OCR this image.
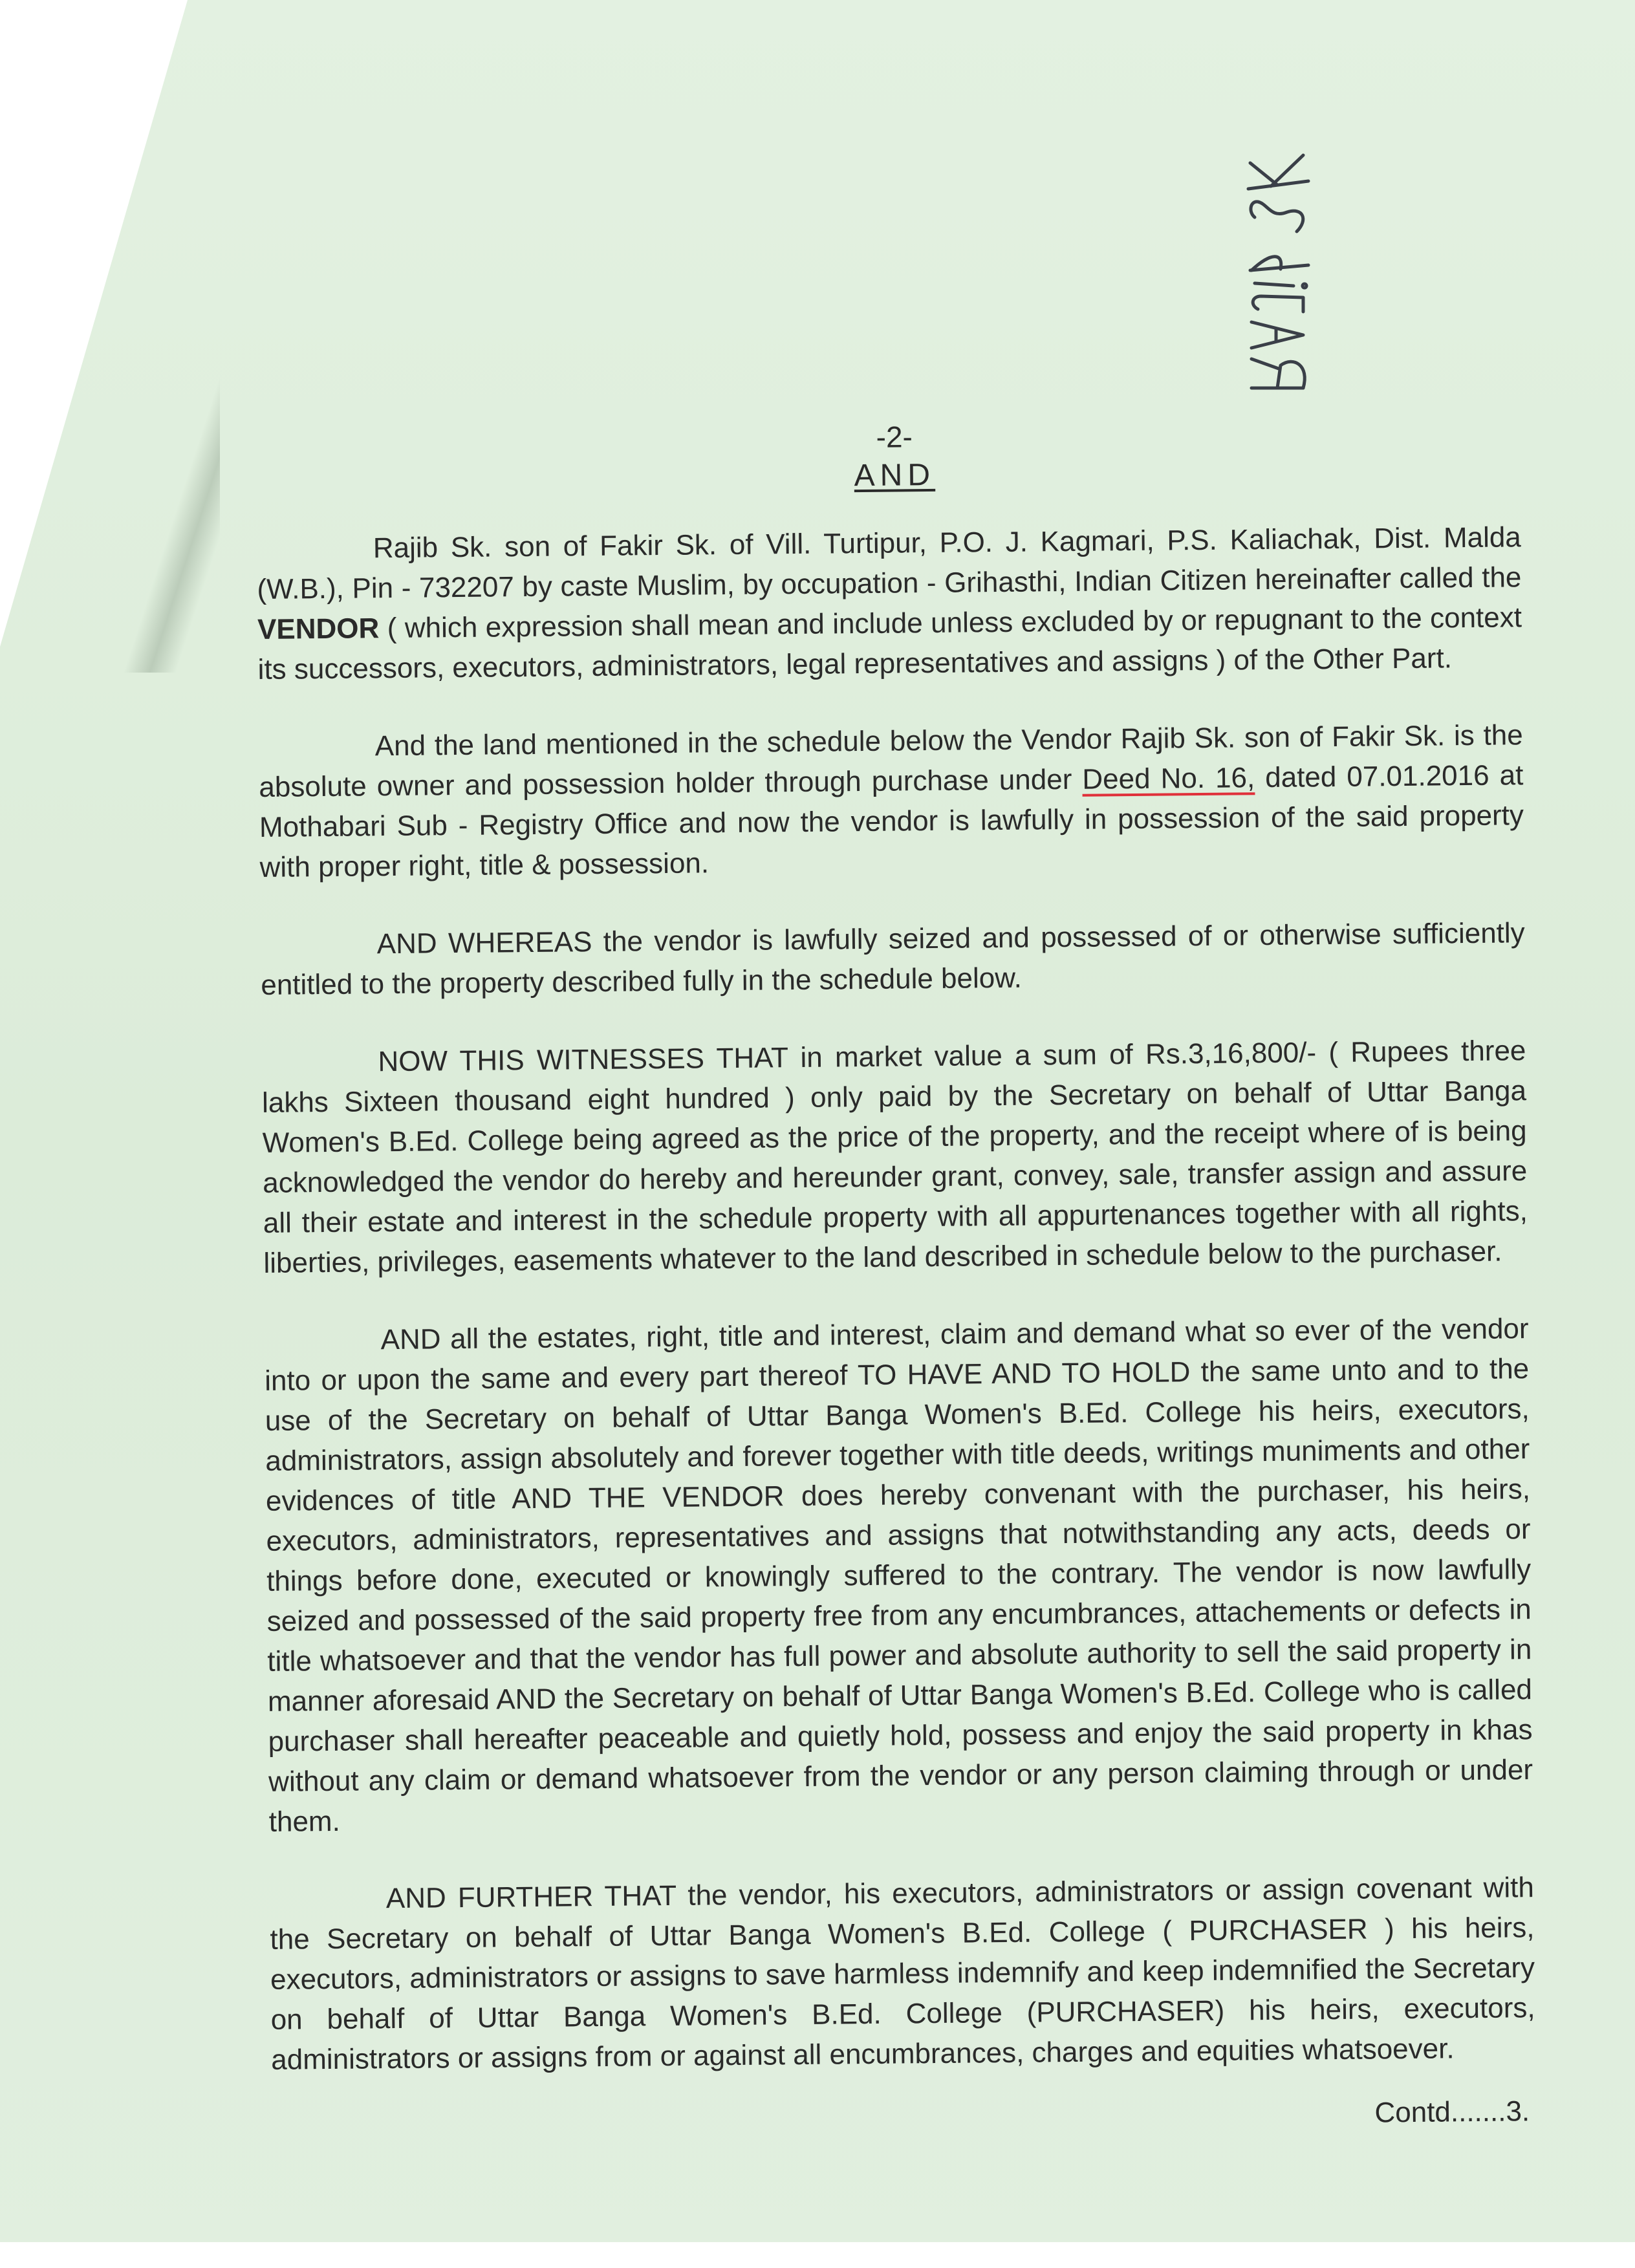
-2-

AND

Rajib Sk. son of Fakir Sk. of Vill. Turtipur, P.O. J. Kagmari, P.S. Kaliachak, Dist. Malda (W.B.), Pin - 732207 by caste Muslim, by occupation - Grihasthi, Indian Citizen hereinafter called the VENDOR ( which expression shall mean and include unless excluded by or repugnant to the context its successors, executors, administrators, legal representatives and assigns ) of the Other Part.

And the land mentioned in the schedule below the Vendor Rajib Sk. son of Fakir Sk. is the absolute owner and possession holder through purchase under Deed No. 16, dated 07.01.2016 at Mothabari Sub - Registry Office and now the vendor is lawfully in possession of the said property with proper right, title & possession.

AND WHEREAS the vendor is lawfully seized and possessed of or otherwise sufficiently entitled to the property described fully in the schedule below.

NOW THIS WITNESSES THAT in market value a sum of Rs.3,16,800/- ( Rupees three lakhs Sixteen thousand eight hundred ) only paid by the Secretary on behalf of Uttar Banga Women's B.Ed. College being agreed as the price of the property, and the receipt where of is being acknowledged the vendor do hereby and hereunder grant, convey, sale, transfer assign and assure all their estate and interest in the schedule property with all appurtenances together with all rights, liberties, privileges, easements whatever to the land described in schedule below to the purchaser.

AND all the estates, right, title and interest, claim and demand what so ever of the vendor into or upon the same and every part thereof TO HAVE AND TO HOLD the same unto and to the use of the Secretary on behalf of Uttar Banga Women's B.Ed. College his heirs, executors, administrators, assign absolutely and forever together with title deeds, writings muniments and other evidences of title AND THE VENDOR does hereby convenant with the purchaser, his heirs, executors, administrators, representatives and assigns that notwithstanding any acts, deeds or things before done, executed or knowingly suffered to the contrary. The vendor is now lawfully seized and possessed of the said property free from any encumbrances, attachements or defects in title whatsoever and that the vendor has full power and absolute authority to sell the said property in manner aforesaid AND the Secretary on behalf of Uttar Banga Women's B.Ed. College who is called purchaser shall hereafter peaceable and quietly hold, possess and enjoy the said property in khas without any claim or demand whatsoever from the vendor or any person claiming through or under them.

AND FURTHER THAT the vendor, his executors, administrators or assign covenant with the Secretary on behalf of Uttar Banga Women's B.Ed. College ( PURCHASER ) his heirs, executors, administrators or assigns to save harmless indemnify and keep indemnified the Secretary on behalf of Uttar Banga Women's B.Ed. College (PURCHASER) his heirs, executors, administrators or assigns from or against all encumbrances, charges and equities whatsoever.

Contd.......3.
